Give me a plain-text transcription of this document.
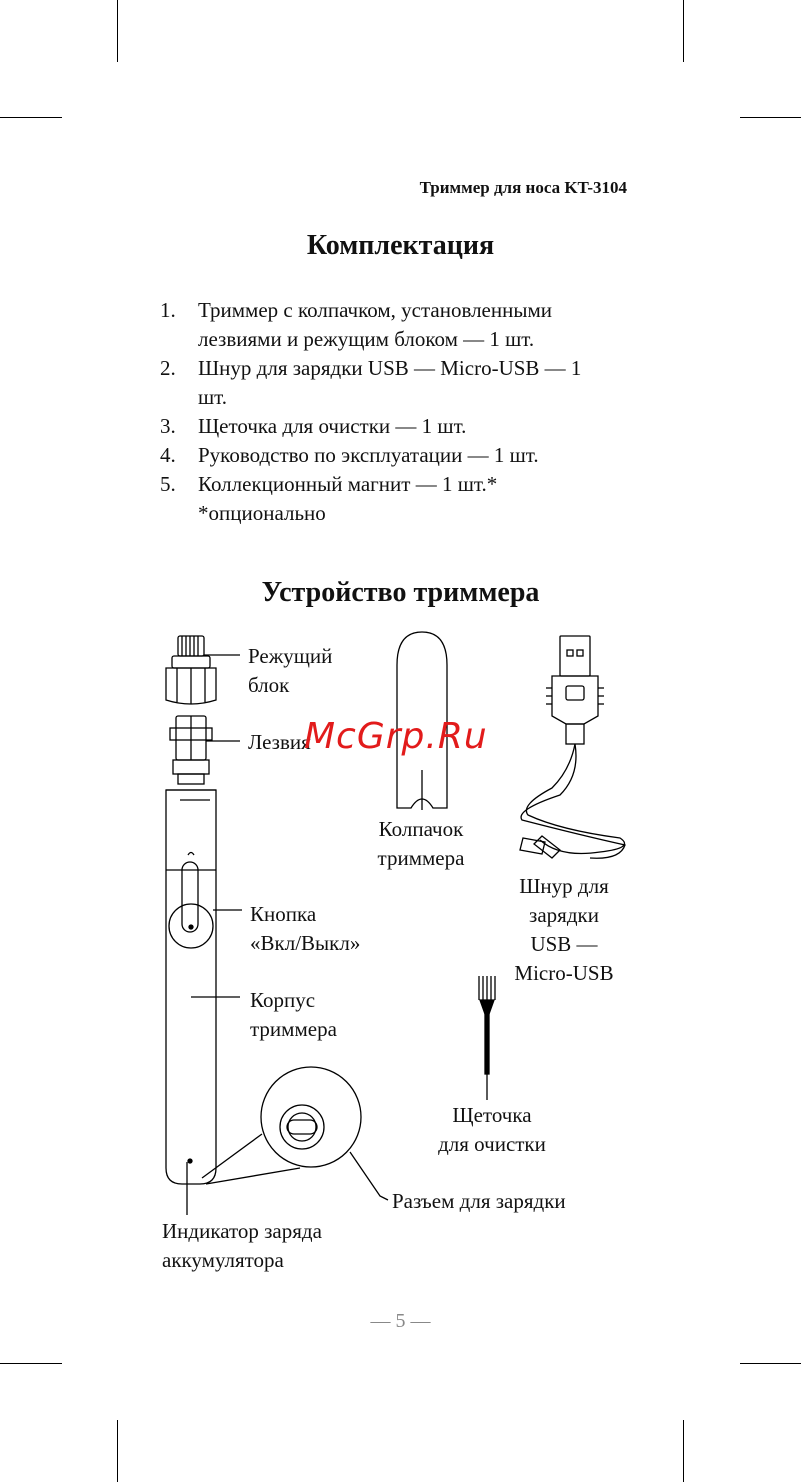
Триммер для носа KT-3104
Комплектация
1.	Триммер с колпачком, установленными лезвиями и режущим блоком — 1 шт.
2.	Шнур для зарядки USB — Micro-USB — 1 шт.
3.	Щеточка для очистки — 1 шт.
4.	Руководство по эксплуатации — 1 шт.
5.	Коллекционный магнит — 1 шт.*
*опционально
Устройство триммера
Режущий
блок
Лезвия
Колпачок
триммера
Шнур для
зарядки
USB —
Micro-USB
Кнопка
«Вкл/Выкл»
Корпус
триммера
Щеточка
для очистки
Разъем для зарядки
Индикатор заряда
аккумулятора
McGrp.Ru
— 5 —
